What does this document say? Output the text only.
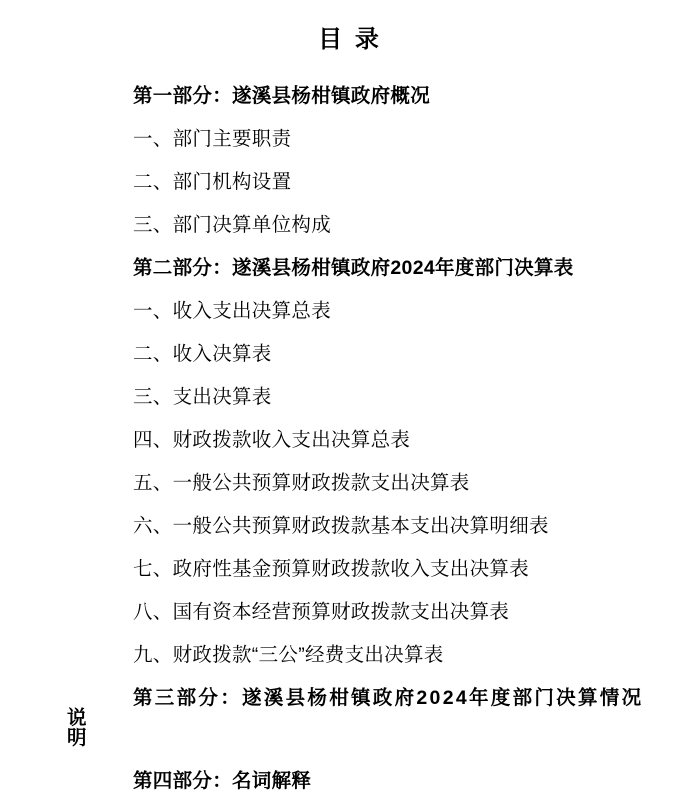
目 录

第一部分：遂溪县杨柑镇政府概况

一、部门主要职责

二、部门机构设置

三、部门决算单位构成

第二部分：遂溪县杨柑镇政府2024年度部门决算表

一、收入支出决算总表

二、收入决算表

三、支出决算表

四、财政拨款收入支出决算总表

五、一般公共预算财政拨款支出决算表

六、一般公共预算财政拨款基本支出决算明细表

七、政府性基金预算财政拨款收入支出决算表

八、国有资本经营预算财政拨款支出决算表

九、财政拨款“三公”经费支出决算表

第三部分：遂溪县杨柑镇政府2024年度部门决算情况说
明

第四部分：名词解释
